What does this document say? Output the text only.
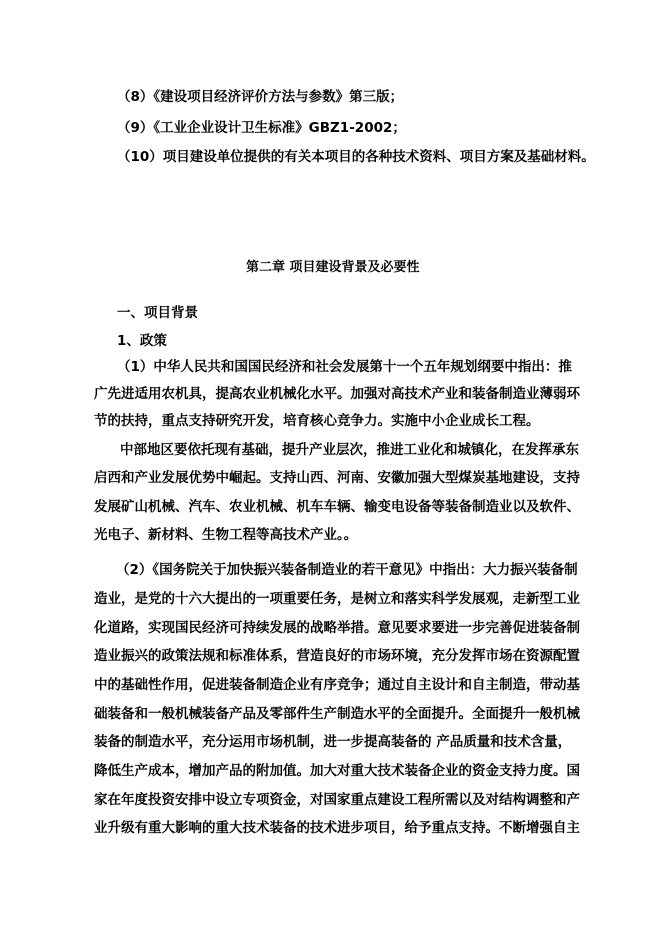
（8）《建设项目经济评价方法与参数》第三版；
（9）《工业企业设计卫生标准》GBZ1-2002；
（10）项目建设单位提供的有关本项目的各种技术资料、项目方案及基础材料。
第二章 项目建设背景及必要性
一、项目背景
1、政策
（1）中华人民共和国国民经济和社会发展第十一个五年规划纲要中指出：推
广先进适用农机具，提高农业机械化水平。加强对高技术产业和装备制造业薄弱环
节的扶持，重点支持研究开发，培育核心竞争力。实施中小企业成长工程。
中部地区要依托现有基础，提升产业层次，推进工业化和城镇化，在发挥承东
启西和产业发展优势中崛起。支持山西、河南、安徽加强大型煤炭基地建设，支持
发展矿山机械、汽车、农业机械、机车车辆、输变电设备等装备制造业以及软件、
光电子、新材料、生物工程等高技术产业。。
（2）《国务院关于加快振兴装备制造业的若干意见》中指出：大力振兴装备制
造业，是党的十六大提出的一项重要任务，是树立和落实科学发展观，走新型工业
化道路，实现国民经济可持续发展的战略举措。意见要求要进一步完善促进装备制
造业振兴的政策法规和标准体系，营造良好的市场环境，充分发挥市场在资源配置
中的基础性作用，促进装备制造企业有序竞争；通过自主设计和自主制造，带动基
础装备和一般机械装备产品及零部件生产制造水平的全面提升。全面提升一般机械
装备的制造水平，充分运用市场机制，进一步提高装备的 产品质量和技术含量，
降低生产成本，增加产品的附加值。加大对重大技术装备企业的资金支持力度。国
家在年度投资安排中设立专项资金，对国家重点建设工程所需以及对结构调整和产
业升级有重大影响的重大技术装备的技术进步项目，给予重点支持。不断增强自主
